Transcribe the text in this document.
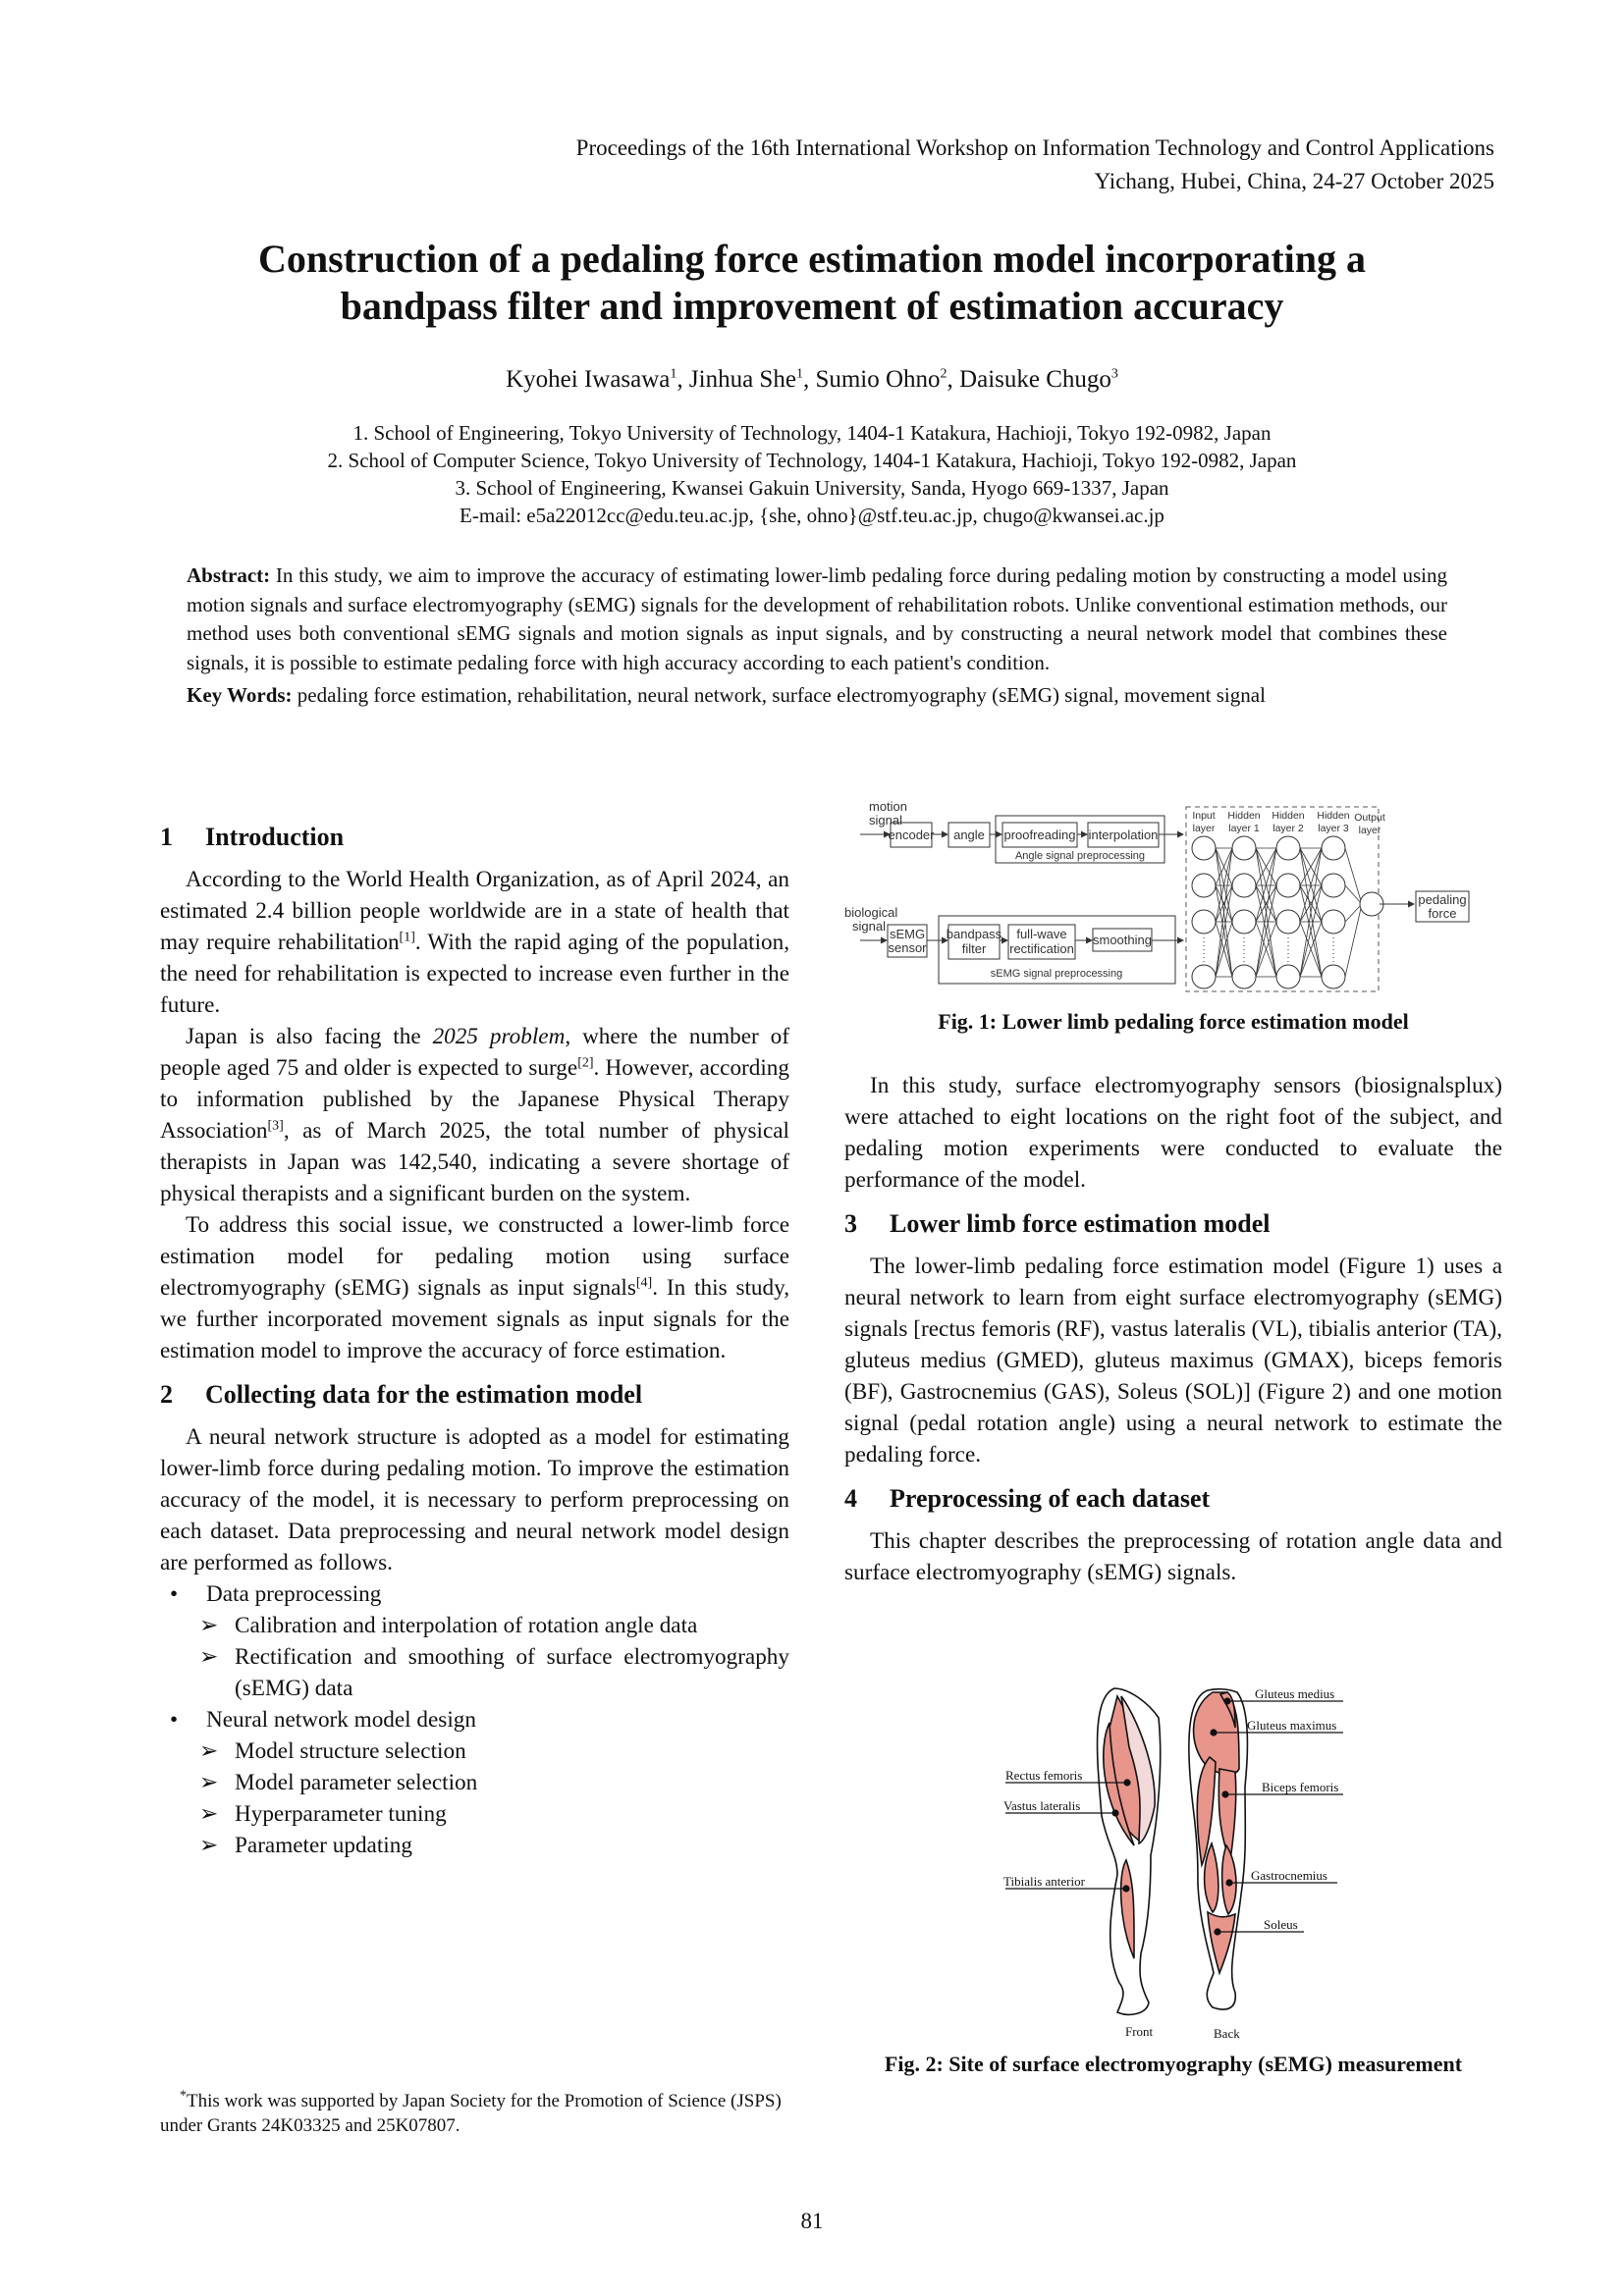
Proceedings of the 16th International Workshop on Information Technology and Control Applications
Yichang, Hubei, China, 24-27 October 2025
Construction of a pedaling force estimation model incorporating a
bandpass filter and improvement of estimation accuracy
Kyohei Iwasawa$^1$, Jinhua She$^1$, Sumio Ohno$^2$, Daisuke Chugo$^3$
1. School of Engineering, Tokyo University of Technology, 1404-1 Katakura, Hachioji, Tokyo 192-0982, Japan
2. School of Computer Science, Tokyo University of Technology, 1404-1 Katakura, Hachioji, Tokyo 192-0982, Japan
3. School of Engineering, Kwansei Gakuin University, Sanda, Hyogo 669-1337, Japan
E-mail: e5a22012cc@edu.teu.ac.jp, {she, ohno}@stf.teu.ac.jp, chugo@kwansei.ac.jp
Abstract: In this study, we aim to improve the accuracy of estimating lower-limb pedaling force during pedaling motion by constructing a model using motion signals and surface electromyography (sEMG) signals for the development of rehabilitation robots. Unlike conventional estimation methods, our method uses both conventional sEMG signals and motion signals as input signals, and by constructing a neural network model that combines these signals, it is possible to estimate pedaling force with high accuracy according to each patient's condition.
Key Words: pedaling force estimation, rehabilitation, neural network, surface electromyography (sEMG) signal, movement signal
1 Introduction

According to the World Health Organization, as of April 2024, an estimated 2.4 billion people worldwide are in a state of health that may require rehabilitation[1]. With the rapid aging of the population, the need for rehabilitation is expected to increase even further in the future.

Japan is also facing the 2025 problem, where the number of people aged 75 and older is expected to surge[2]. However, according to information published by the Japanese Physical Therapy Association[3], as of March 2025, the total number of physical therapists in Japan was 142,540, indicating a severe shortage of physical therapists and a significant burden on the system.

To address this social issue, we constructed a lower-limb force estimation model for pedaling motion using surface electromyography (sEMG) signals as input signals[4]. In this study, we further incorporated movement signals as input signals for the estimation model to improve the accuracy of force estimation.

2 Collecting data for the estimation model

A neural network structure is adopted as a model for estimating lower-limb force during pedaling motion. To improve the estimation accuracy of the model, it is necessary to perform preprocessing on each dataset. Data preprocessing and neural network model design are performed as follows.

• Data preprocessing
➢ Calibration and interpolation of rotation angle data
➢ Rectification and smoothing of surface electromyography (sEMG) data
• Neural network model design
➢ Model structure selection
➢ Model parameter selection
➢ Hyperparameter tuning
➢ Parameter updating
motion
signal
encoder angle proofreading interpolation
Angle signal preprocessing
biological
signal
sEMG
sensor
bandpass
filter
full-wave
rectification
smoothing
sEMG signal preprocessing
Input
layer
Hidden
layer 1
Hidden
layer 2
Hidden
layer 3
Output
layer
pedaling
force
Fig. 1: Lower limb pedaling force estimation model

In this study, surface electromyography sensors (biosignalsplux) were attached to eight locations on the right foot of the subject, and pedaling motion experiments were conducted to evaluate the performance of the model.

3 Lower limb force estimation model

The lower-limb pedaling force estimation model (Figure 1) uses a neural network to learn from eight surface electromyography (sEMG) signals [rectus femoris (RF), vastus lateralis (VL), tibialis anterior (TA), gluteus medius (GMED), gluteus maximus (GMAX), biceps femoris (BF), Gastrocnemius (GAS), Soleus (SOL)] (Figure 2) and one motion signal (pedal rotation angle) using a neural network to estimate the pedaling force.

4 Preprocessing of each dataset

This chapter describes the preprocessing of rotation angle data and surface electromyography (sEMG) signals.

Rectus femoris
Vastus lateralis
Tibialis anterior
Gluteus medius
Gluteus maximus
Biceps femoris
Gastrocnemius
Soleus
Front	Back
Fig. 2: Site of surface electromyography (sEMG) measurement
*This work was supported by Japan Society for the Promotion of Science (JSPS) under Grants 24K03325 and 25K07807.
81
